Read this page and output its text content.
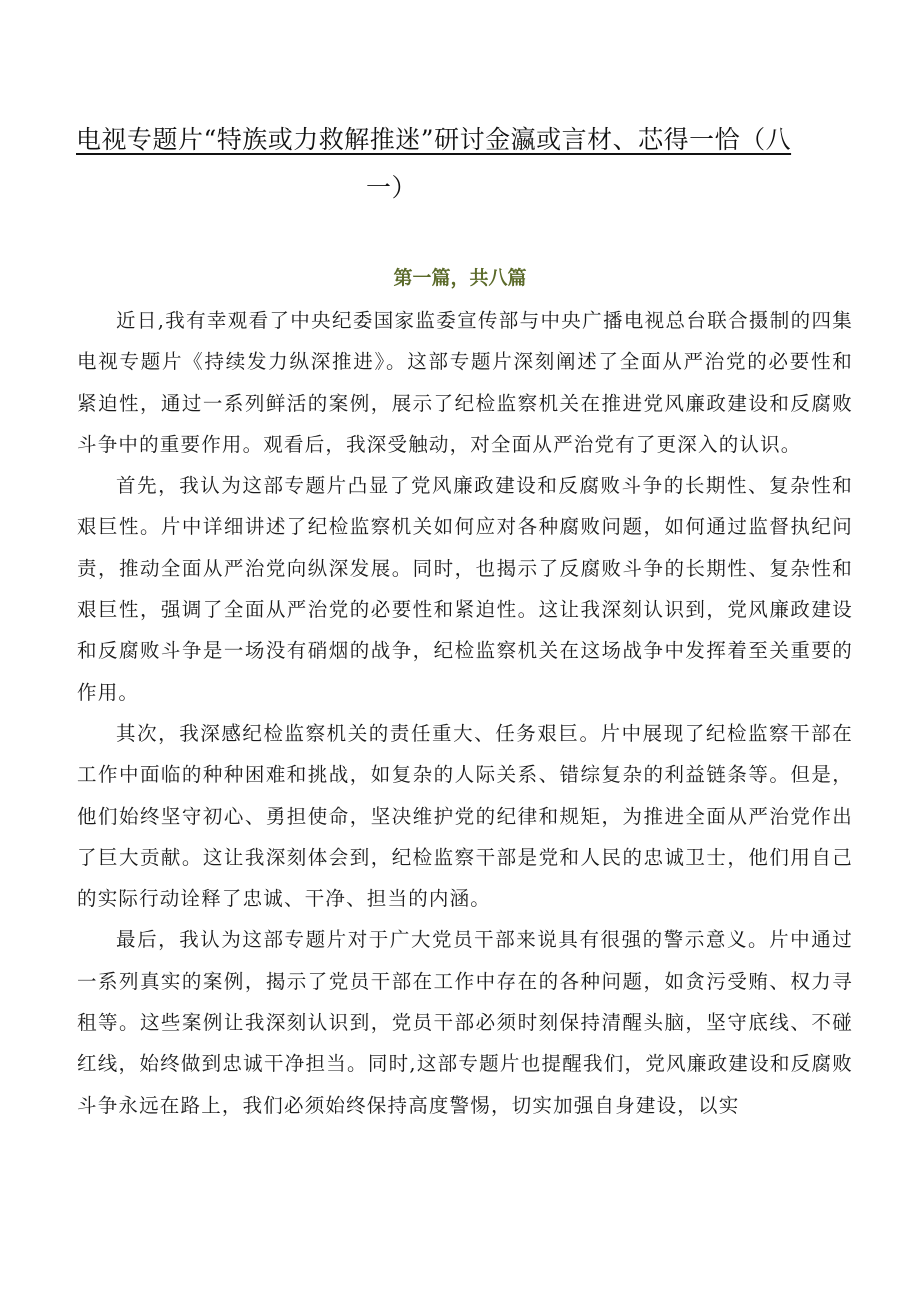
电视专题片“特族或力救解推迷”研讨金瀛或言材、芯得一恰（八
一）
第一篇，共八篇

近日,我有幸观看了中央纪委国家监委宣传部与中央广播电视总台联合摄制的四集电视专题片《持续发力纵深推进》。这部专题片深刻阐述了全面从严治党的必要性和紧迫性，通过一系列鲜活的案例，展示了纪检监察机关在推进党风廉政建设和反腐败斗争中的重要作用。观看后，我深受触动，对全面从严治党有了更深入的认识。

首先，我认为这部专题片凸显了党风廉政建设和反腐败斗争的长期性、复杂性和艰巨性。片中详细讲述了纪检监察机关如何应对各种腐败问题，如何通过监督执纪问责，推动全面从严治党向纵深发展。同时，也揭示了反腐败斗争的长期性、复杂性和艰巨性，强调了全面从严治党的必要性和紧迫性。这让我深刻认识到，党风廉政建设和反腐败斗争是一场没有硝烟的战争，纪检监察机关在这场战争中发挥着至关重要的作用。

其次，我深感纪检监察机关的责任重大、任务艰巨。片中展现了纪检监察干部在工作中面临的种种困难和挑战，如复杂的人际关系、错综复杂的利益链条等。但是，他们始终坚守初心、勇担使命，坚决维护党的纪律和规矩，为推进全面从严治党作出了巨大贡献。这让我深刻体会到，纪检监察干部是党和人民的忠诚卫士，他们用自己的实际行动诠释了忠诚、干净、担当的内涵。

最后，我认为这部专题片对于广大党员干部来说具有很强的警示意义。片中通过一系列真实的案例，揭示了党员干部在工作中存在的各种问题，如贪污受贿、权力寻租等。这些案例让我深刻认识到，党员干部必须时刻保持清醒头脑，坚守底线、不碰红线，始终做到忠诚干净担当。同时,这部专题片也提醒我们，党风廉政建设和反腐败斗争永远在路上，我们必须始终保持高度警惕，切实加强自身建设，以实
